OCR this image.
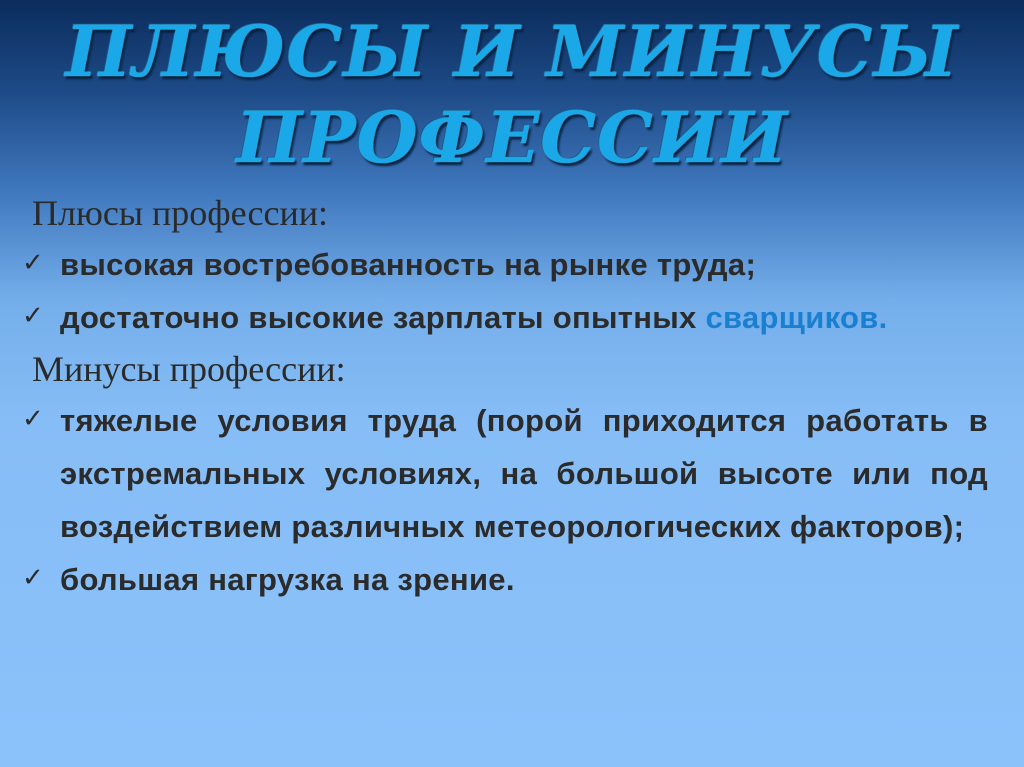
ПЛЮСЫ И МИНУСЫ
ПРОФЕССИИ
Плюсы профессии:
✓ высокая востребованность на рынке труда;
✓ достаточно высокие зарплаты опытных сварщиков.
Минусы профессии:
✓ тяжелые условия труда (порой приходится работать в экстремальных условиях, на большой высоте или под воздействием различных метеорологических факторов);
✓ большая нагрузка на зрение.
